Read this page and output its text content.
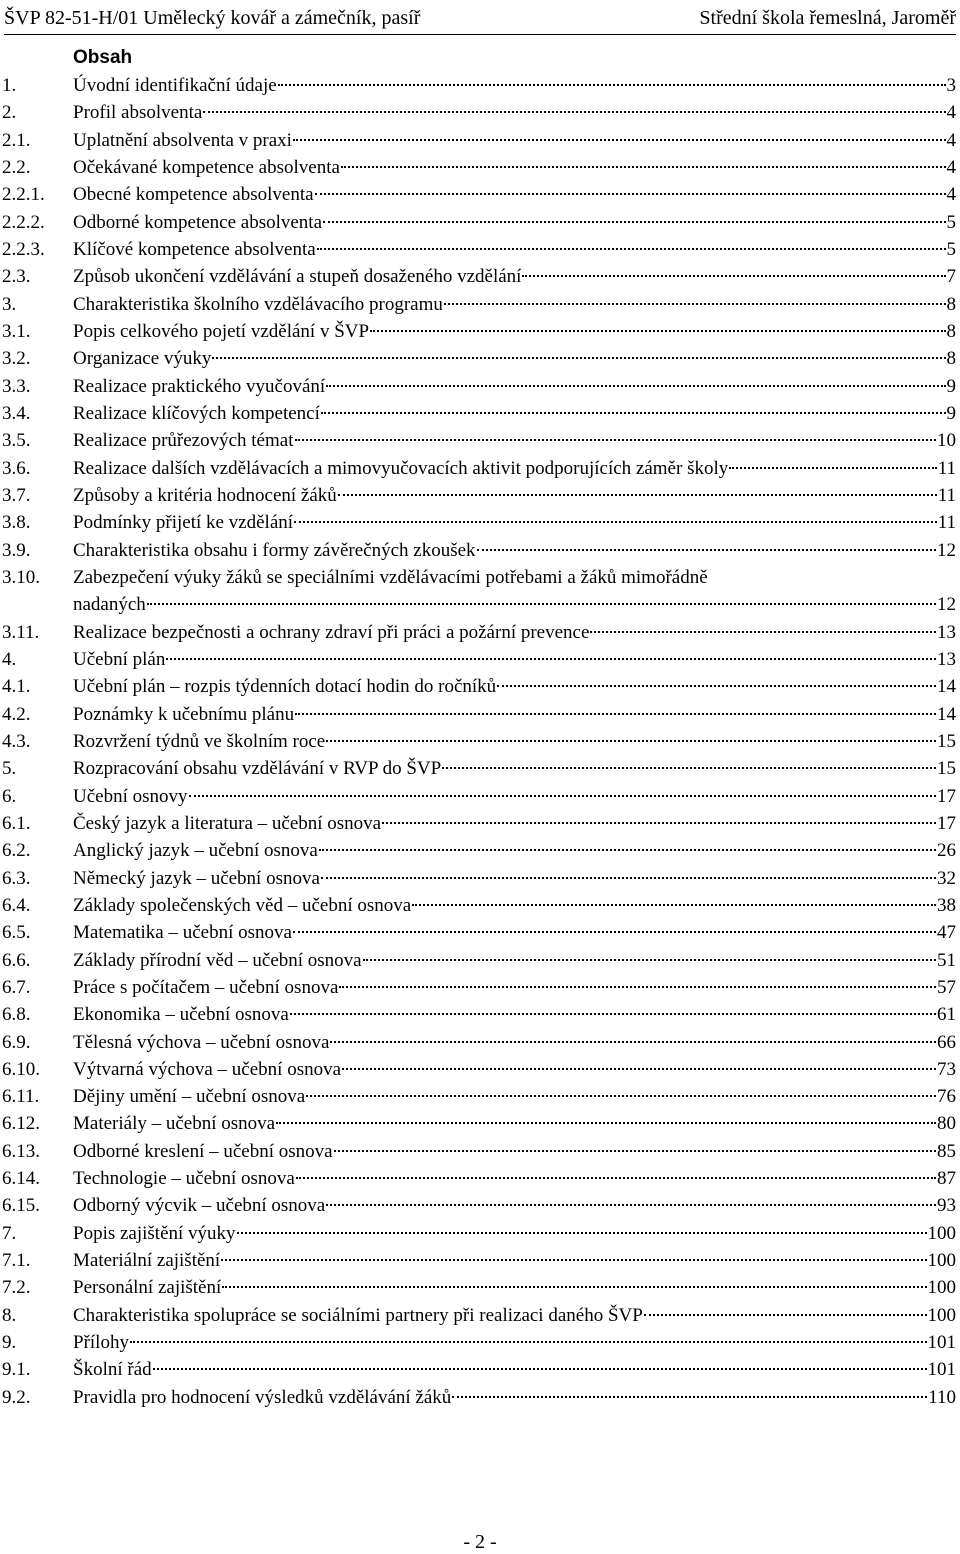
ŠVP 82-51-H/01 Umělecký kovář a zámečník, pasíř	Střední škola řemeslná, Jaroměř
Obsah
1.	Úvodní identifikační údaje	3
2.	Profil absolventa	4
2.1. Uplatnění absolventa v praxi	4
2.2. Očekávané kompetence absolventa	4
2.2.1. Obecné kompetence absolventa	4
2.2.2. Odborné kompetence absolventa	5
2.2.3. Klíčové kompetence absolventa	5
2.3. Způsob ukončení vzdělávání a stupeň dosaženého vzdělání	7
3.	Charakteristika školního vzdělávacího programu	8
3.1. Popis celkového pojetí vzdělání v ŠVP	8
3.2. Organizace výuky	8
3.3. Realizace praktického vyučování	9
3.4. Realizace klíčových kompetencí	9
3.5. Realizace průřezových témat	10
3.6. Realizace dalších vzdělávacích a mimovyučovacích aktivit podporujících záměr školy	11
3.7. Způsoby a kritéria hodnocení žáků	11
3.8. Podmínky přijetí ke vzdělání	11
3.9. Charakteristika obsahu i formy závěrečných zkoušek	12
3.10. Zabezpečení výuky žáků se speciálními vzdělávacími potřebami a žáků mimořádně
nadaných	12
3.11. Realizace bezpečnosti a ochrany zdraví při práci a požární prevence	13
4.	Učební plán	13
4.1. Učební plán – rozpis týdenních dotací hodin do ročníků	14
4.2. Poznámky k učebnímu plánu	14
4.3. Rozvržení týdnů ve školním roce	15
5.	Rozpracování obsahu vzdělávání v RVP do ŠVP	15
6.	Učební osnovy	17
6.1. Český jazyk a literatura – učební osnova	17
6.2. Anglický jazyk – učební osnova	26
6.3. Německý jazyk – učební osnova	32
6.4. Základy společenských věd – učební osnova	38
6.5. Matematika – učební osnova	47
6.6. Základy přírodní věd – učební osnova	51
6.7. Práce s počítačem – učební osnova	57
6.8. Ekonomika – učební osnova	61
6.9. Tělesná výchova – učební osnova	66
6.10. Výtvarná výchova – učební osnova	73
6.11. Dějiny umění – učební osnova	76
6.12. Materiály – učební osnova	80
6.13. Odborné kreslení – učební osnova	85
6.14. Technologie – učební osnova	87
6.15. Odborný výcvik – učební osnova	93
7.	Popis zajištění výuky	100
7.1. Materiální zajištění	100
7.2. Personální zajištění	100
8.	Charakteristika spolupráce se sociálními partnery při realizaci daného ŠVP	100
9.	Přílohy	101
9.1. Školní řád	101
9.2. Pravidla pro hodnocení výsledků vzdělávání žáků	110
- 2 -
